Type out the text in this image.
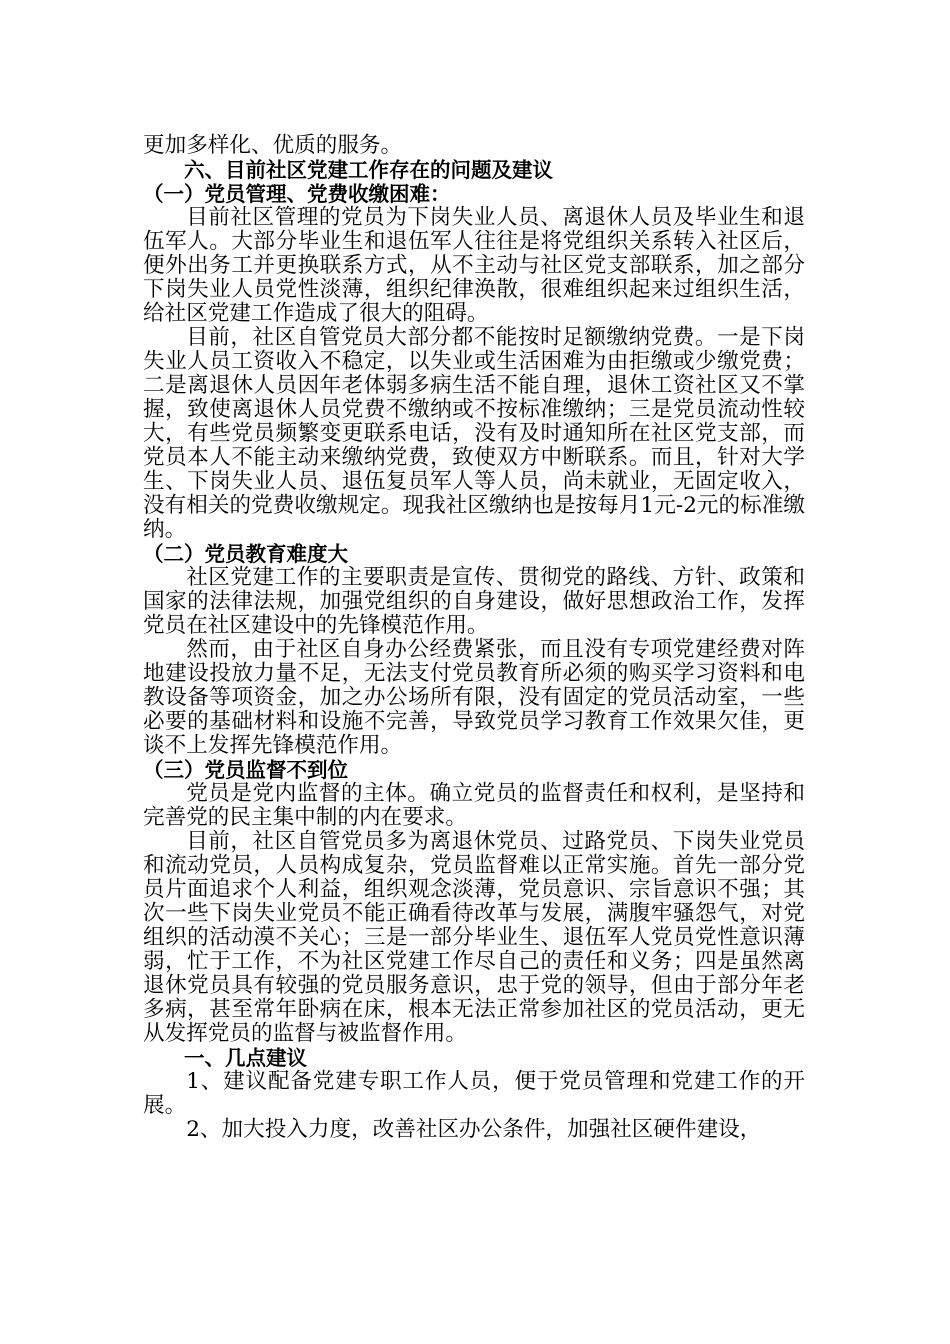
更加多样化、优质的服务。

六、目前社区党建工作存在的问题及建议

（一）党员管理、党费收缴困难：

目前社区管理的党员为下岗失业人员、离退休人员及毕业生和退伍军人。大部分毕业生和退伍军人往往是将党组织关系转入社区后，便外出务工并更换联系方式，从不主动与社区党支部联系，加之部分下岗失业人员党性淡薄，组织纪律涣散，很难组织起来过组织生活，给社区党建工作造成了很大的阻碍。

目前，社区自管党员大部分都不能按时足额缴纳党费。一是下岗失业人员工资收入不稳定，以失业或生活困难为由拒缴或少缴党费；二是离退休人员因年老体弱多病生活不能自理，退休工资社区又不掌握，致使离退休人员党费不缴纳或不按标准缴纳；三是党员流动性较大，有些党员频繁变更联系电话，没有及时通知所在社区党支部，而党员本人不能主动来缴纳党费，致使双方中断联系。而且，针对大学生、下岗失业人员、退伍复员军人等人员，尚未就业，无固定收入，没有相关的党费收缴规定。现我社区缴纳也是按每月1元-2元的标准缴纳。

（二）党员教育难度大

社区党建工作的主要职责是宣传、贯彻党的路线、方针、政策和国家的法律法规，加强党组织的自身建设，做好思想政治工作，发挥党员在社区建设中的先锋模范作用。

然而，由于社区自身办公经费紧张，而且没有专项党建经费对阵地建设投放力量不足，无法支付党员教育所必须的购买学习资料和电教设备等项资金，加之办公场所有限，没有固定的党员活动室，一些必要的基础材料和设施不完善，导致党员学习教育工作效果欠佳，更谈不上发挥先锋模范作用。

（三）党员监督不到位

党员是党内监督的主体。确立党员的监督责任和权利，是坚持和完善党的民主集中制的内在要求。

目前，社区自管党员多为离退休党员、过路党员、下岗失业党员和流动党员，人员构成复杂，党员监督难以正常实施。首先一部分党员片面追求个人利益，组织观念淡薄，党员意识、宗旨意识不强；其次一些下岗失业党员不能正确看待改革与发展，满腹牢骚怨气，对党组织的活动漠不关心；三是一部分毕业生、退伍军人党员党性意识薄弱，忙于工作，不为社区党建工作尽自己的责任和义务；四是虽然离退休党员具有较强的党员服务意识，忠于党的领导，但由于部分年老多病，甚至常年卧病在床，根本无法正常参加社区的党员活动，更无从发挥党员的监督与被监督作用。

一、几点建议

1、建议配备党建专职工作人员，便于党员管理和党建工作的开展。

2、加大投入力度，改善社区办公条件，加强社区硬件建设，
